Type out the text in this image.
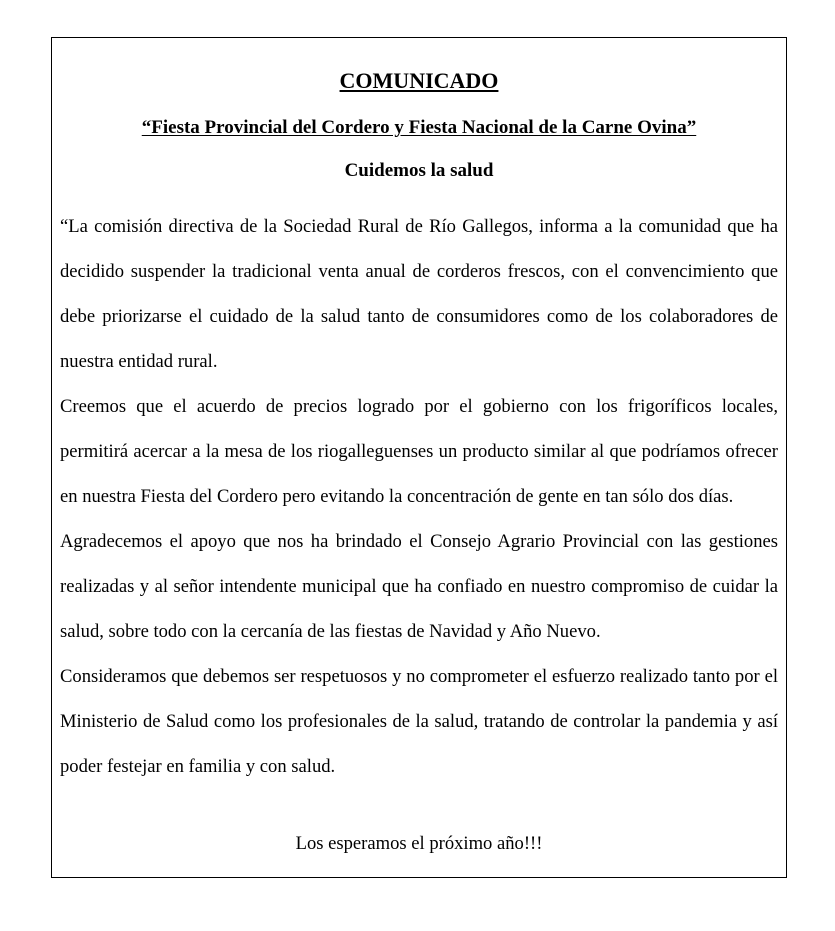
COMUNICADO
“Fiesta Provincial del Cordero y Fiesta Nacional de la Carne Ovina”
Cuidemos la salud

“La comisión directiva de la Sociedad Rural de Río Gallegos, informa a la comunidad que ha decidido suspender la tradicional venta anual de corderos frescos, con el convencimiento que debe priorizarse el cuidado de la salud tanto de consumidores como de los colaboradores de nuestra entidad rural.

Creemos que el acuerdo de precios logrado por el gobierno con los frigoríficos locales, permitirá acercar a la mesa de los riogalleguenses un producto similar al que podríamos ofrecer en nuestra Fiesta del Cordero pero evitando la concentración de gente en tan sólo dos días.

Agradecemos el apoyo que nos ha brindado el Consejo Agrario Provincial con las gestiones realizadas y al señor intendente municipal que ha confiado en nuestro compromiso de cuidar la salud, sobre todo con la cercanía de las fiestas de Navidad y Año Nuevo.

Consideramos que debemos ser respetuosos y no comprometer el esfuerzo realizado tanto por el Ministerio de Salud como los profesionales de la salud, tratando de controlar la pandemia y así poder festejar en familia y con salud.

Los esperamos el próximo año!!!
